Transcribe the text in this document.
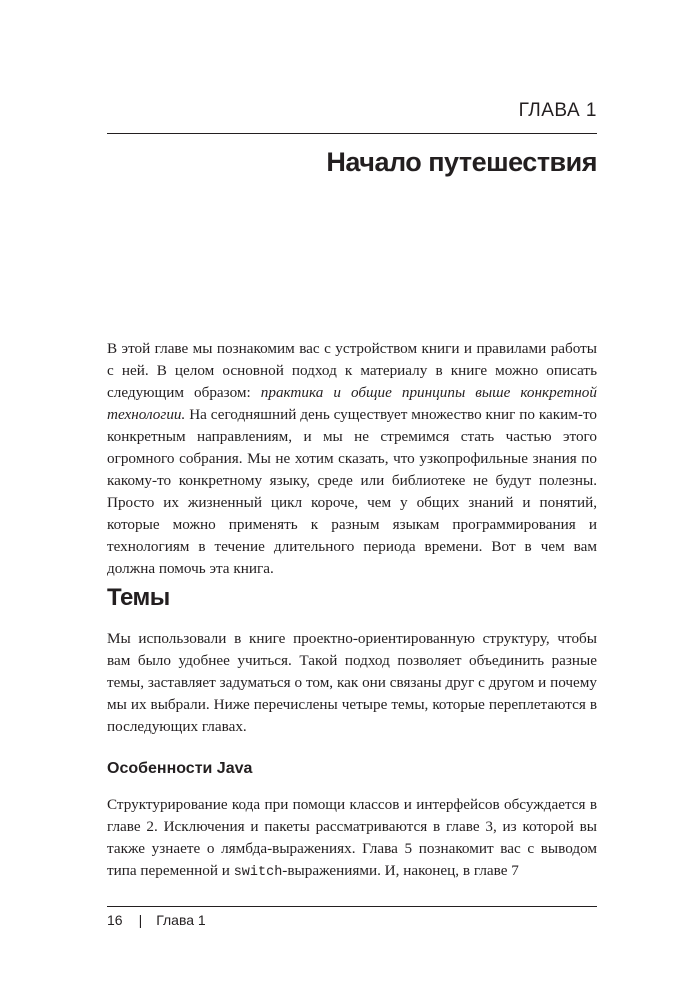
ГЛАВА 1
Начало путешествия

В этой главе мы познакомим вас с устройством книги и правилами работы с ней. В целом основной подход к материалу в книге можно описать следующим образом: практика и общие принципы выше конкретной технологии. На сегодняшний день существует множество книг по каким-то конкретным направлениям, и мы не стремимся стать частью этого огромного собрания. Мы не хотим сказать, что узкопрофильные знания по какому-то конкретному языку, среде или библиотеке не будут полезны. Просто их жизненный цикл короче, чем у общих знаний и понятий, которые можно применять к разным языкам программирования и технологиям в течение длительного периода времени. Вот в чем вам должна помочь эта книга.

Темы

Мы использовали в книге проектно-ориентированную структуру, чтобы вам было удобнее учиться. Такой подход позволяет объединить разные темы, заставляет задуматься о том, как они связаны друг с другом и почему мы их выбрали. Ниже перечислены четыре темы, которые переплетаются в последующих главах.

Особенности Java

Структурирование кода при помощи классов и интерфейсов обсуждается в главе 2. Исключения и пакеты рассматриваются в главе 3, из которой вы также узнаете о лямбда-выражениях. Глава 5 познакомит вас с выводом типа переменной и switch-выражениями. И, наконец, в главе 7

16 | Глава 1
